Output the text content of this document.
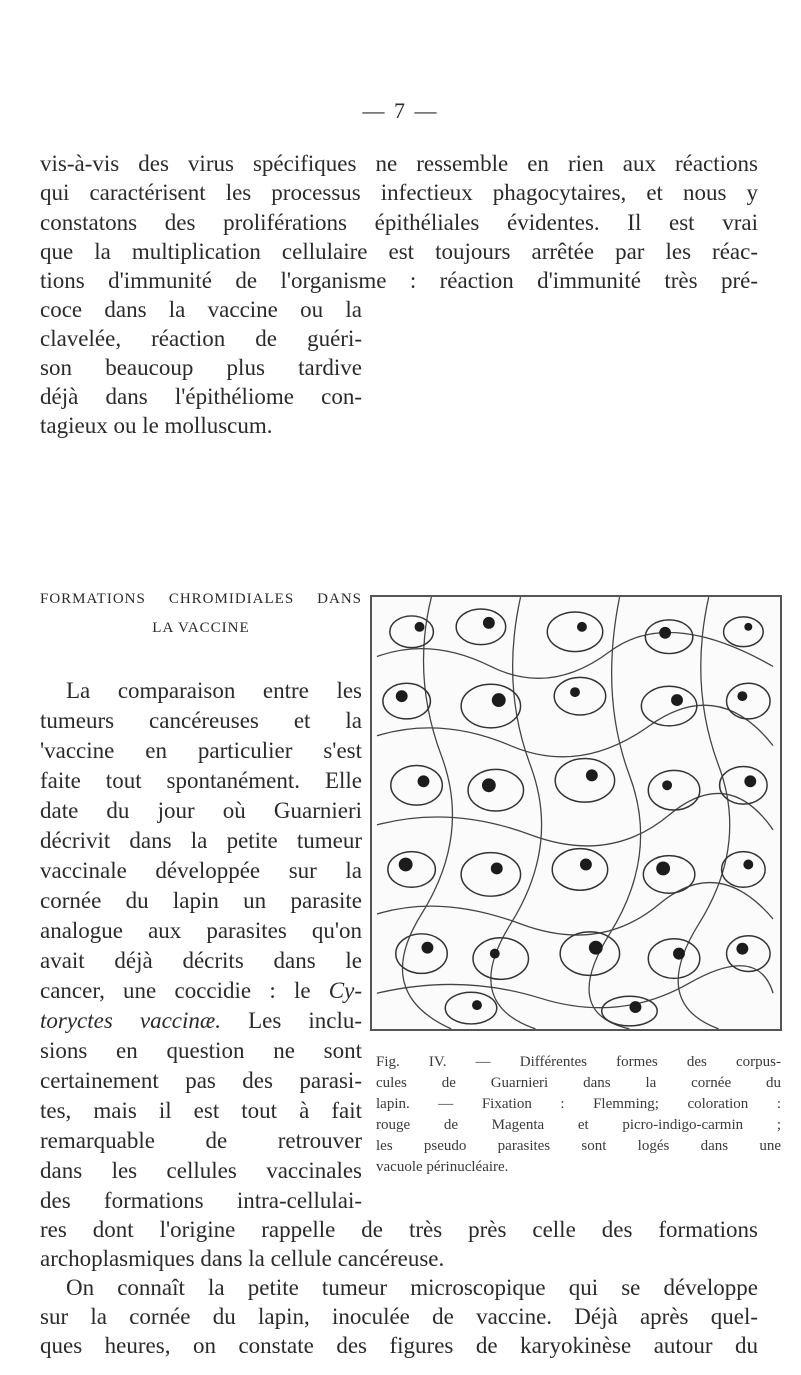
— 7 —
vis-à-vis des virus spécifiques ne ressemble en rien aux réactions
qui caractérisent les processus infectieux phagocytaires, et nous y
constatons des proliférations épithéliales évidentes. Il est vrai
que la multiplication cellulaire est toujours arrêtée par les réac-
tions d'immunité de l'organisme : réaction d'immunité très pré-
coce dans la vaccine ou la
clavelée, réaction de guéri-
son beaucoup plus tardive
déjà dans l'épithéliome con-
tagieux ou le molluscum.
FORMATIONS CHROMIDIALES DANS
LA VACCINE
La comparaison entre les
tumeurs cancéreuses et la
'vaccine en particulier s'est
faite tout spontanément. Elle
date du jour où Guarnieri
décrivit dans la petite tumeur
vaccinale développée sur la
cornée du lapin un parasite
analogue aux parasites qu'on
avait déjà décrits dans le
cancer, une coccidie : le Cy-
toryctes vaccinæ. Les inclu-
sions en question ne sont
certainement pas des parasi-
tes, mais il est tout à fait
remarquable de retrouver
dans les cellules vaccinales
des formations intra-cellulai-
res dont l'origine rappelle de très près celle des formations
archoplasmiques dans la cellule cancéreuse.
On connaît la petite tumeur microscopique qui se développe
sur la cornée du lapin, inoculée de vaccine. Déjà après quel-
ques heures, on constate des figures de karyokinèse autour du
Fig. IV. — Différentes formes des corpus-
cules de Guarnieri dans la cornée du
lapin. — Fixation : Flemming; coloration :
rouge de Magenta et picro-indigo-carmin ;
les pseudo parasites sont logés dans une
vacuole périnucléaire.
